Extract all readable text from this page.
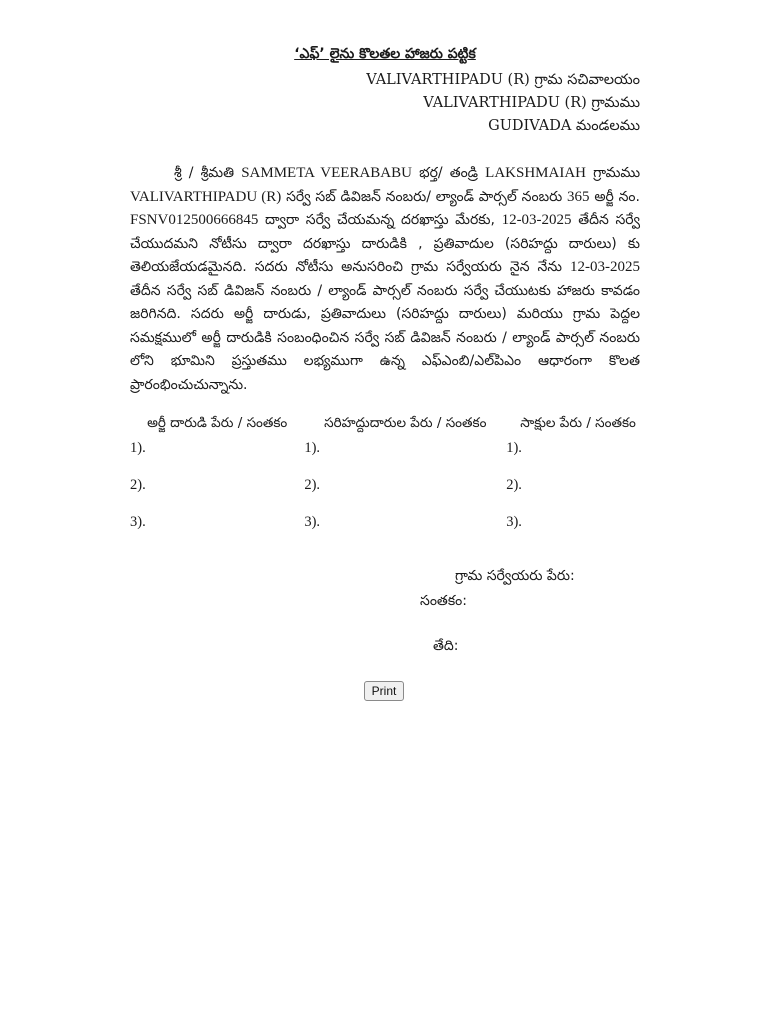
‘ఎఫ్’ లైను కొలతల హాజరు పట్టిక
VALIVARTHIPADU (R) గ్రామ సచివాలయం
VALIVARTHIPADU (R) గ్రామము
GUDIVADA మండలము
శ్రీ / శ్రీమతి SAMMETA VEERABABU భర్త/ తండ్రి LAKSHMAIAH గ్రామము VALIVARTHIPADU (R) సర్వే సబ్ డివిజన్ నంబరు/ ల్యాండ్ పార్సల్ నంబరు 365 అర్జీ నం. FSNV012500666845 ద్వారా సర్వే చేయమన్న దరఖాస్తు మేరకు, 12-03-2025 తేదీన సర్వే చేయుదమని నోటీసు ద్వారా దరఖాస్తు దారుడికి , ప్రతివాదుల (సరిహద్దు దారులు) కు తెలియజేయడమైనది. సదరు నోటీసు అనుసరించి గ్రామ సర్వేయరు నైన నేను 12-03-2025 తేదీన సర్వే సబ్ డివిజన్ నంబరు / ల్యాండ్ పార్సల్ నంబరు సర్వే చేయుటకు హాజరు కావడం జరిగినది. సదరు అర్జీ దారుడు, ప్రతివాదులు (సరిహద్దు దారులు) మరియు గ్రామ పెద్దల సమక్షములో అర్జీ దారుడికి సంబంధించిన సర్వే సబ్ డివిజన్ నంబరు / ల్యాండ్ పార్సల్ నంబరు లోని భూమిని ప్రస్తుతము లభ్యముగా ఉన్న ఎఫ్ఎంబి/ఎల్‌పిఎం ఆధారంగా కొలత ప్రారంభించుచున్నాను.
అర్జీ దారుడి పేరు / సంతకం	సరిహద్దుదారుల పేరు / సంతకం	సాక్షుల పేరు / సంతకం
1).	1).	1).
2).	2).	2).
3).	3).	3).
గ్రామ సర్వేయరు పేరు:
సంతకం:
తేది:
Print
